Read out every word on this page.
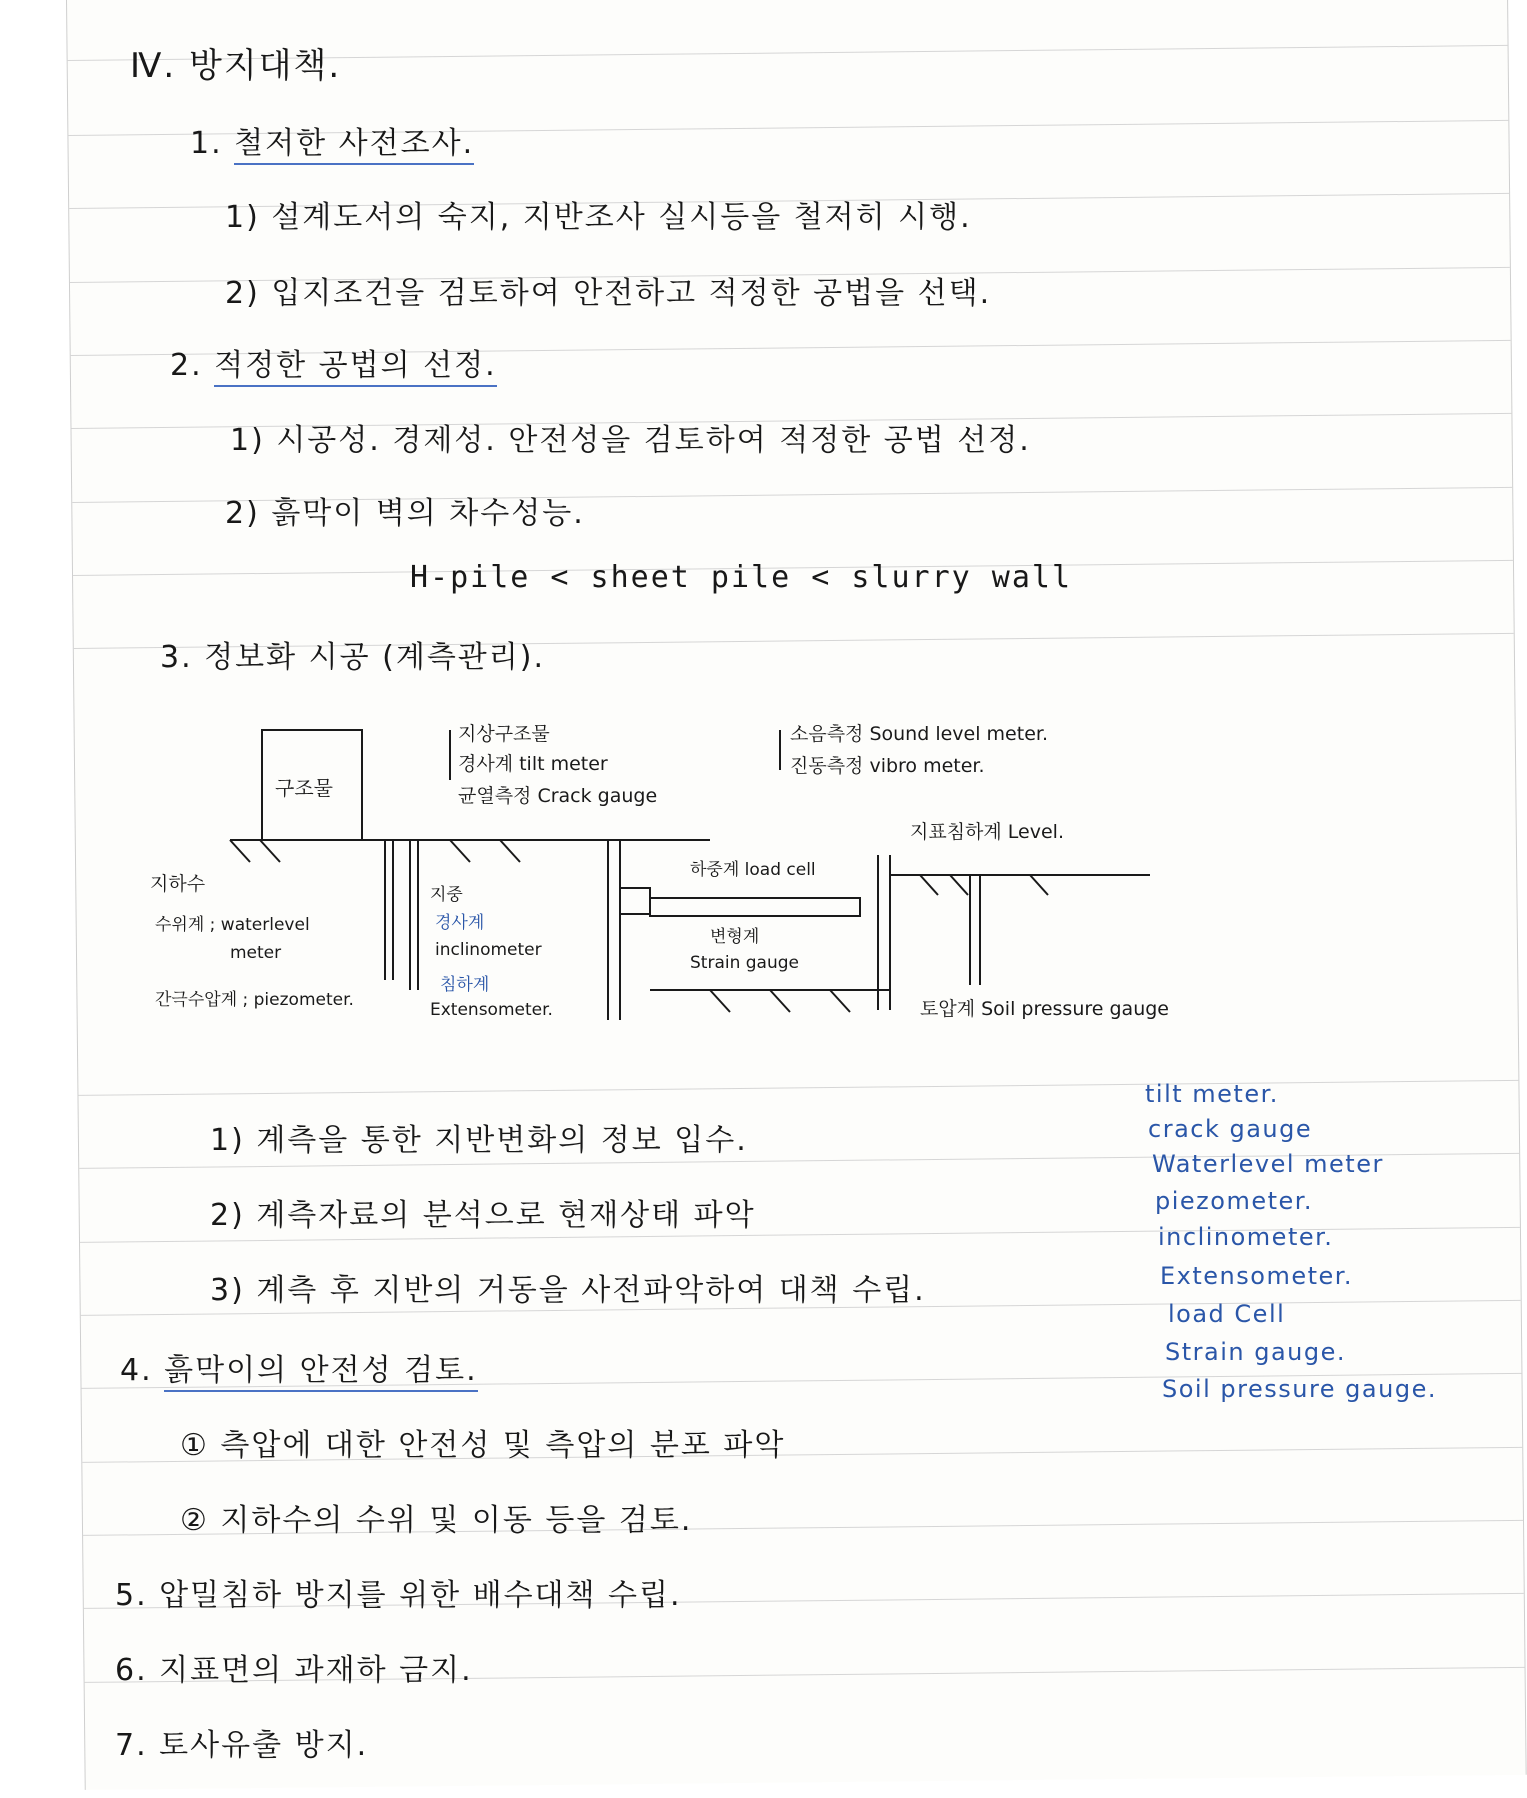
Ⅳ. 방지대책.
1. 철저한 사전조사.
1) 설계도서의 숙지, 지반조사 실시등을 철저히 시행.
2) 입지조건을 검토하여 안전하고 적정한 공법을 선택.
2. 적정한 공법의 선정.
1) 시공성. 경제성. 안전성을 검토하여 적정한 공법 선정.
2) 흙막이 벽의 차수성능.
H-pile < sheet pile < slurry wall
3. 정보화 시공 (계측관리).
구조물
지상구조물
경사계 tilt meter
균열측정 Crack gauge
소음측정 Sound level meter.
진동측정 vibro meter.
지표침하계 Level.
하중계 load cell
변형계
Strain gauge
지하수
수위계 ; waterlevel
meter
간극수압계 ; piezometer.
지중
경사계
inclinometer
침하계
Extensometer.	토압계 Soil pressure gauge
1) 계측을 통한 지반변화의 정보 입수.
2) 계측자료의 분석으로 현재상태 파악
3) 계측 후 지반의 거동을 사전파악하여 대책 수립.
4. 흙막이의 안전성 검토.
① 측압에 대한 안전성 및 측압의 분포 파악
② 지하수의 수위 및 이동 등을 검토.
5. 압밀침하 방지를 위한 배수대책 수립.
6. 지표면의 과재하 금지.
7. 토사유출 방지.
tilt meter.
crack gauge
Waterlevel meter
piezometer.
inclinometer.
Extensometer.
load Cell
Strain gauge.
Soil pressure gauge.
